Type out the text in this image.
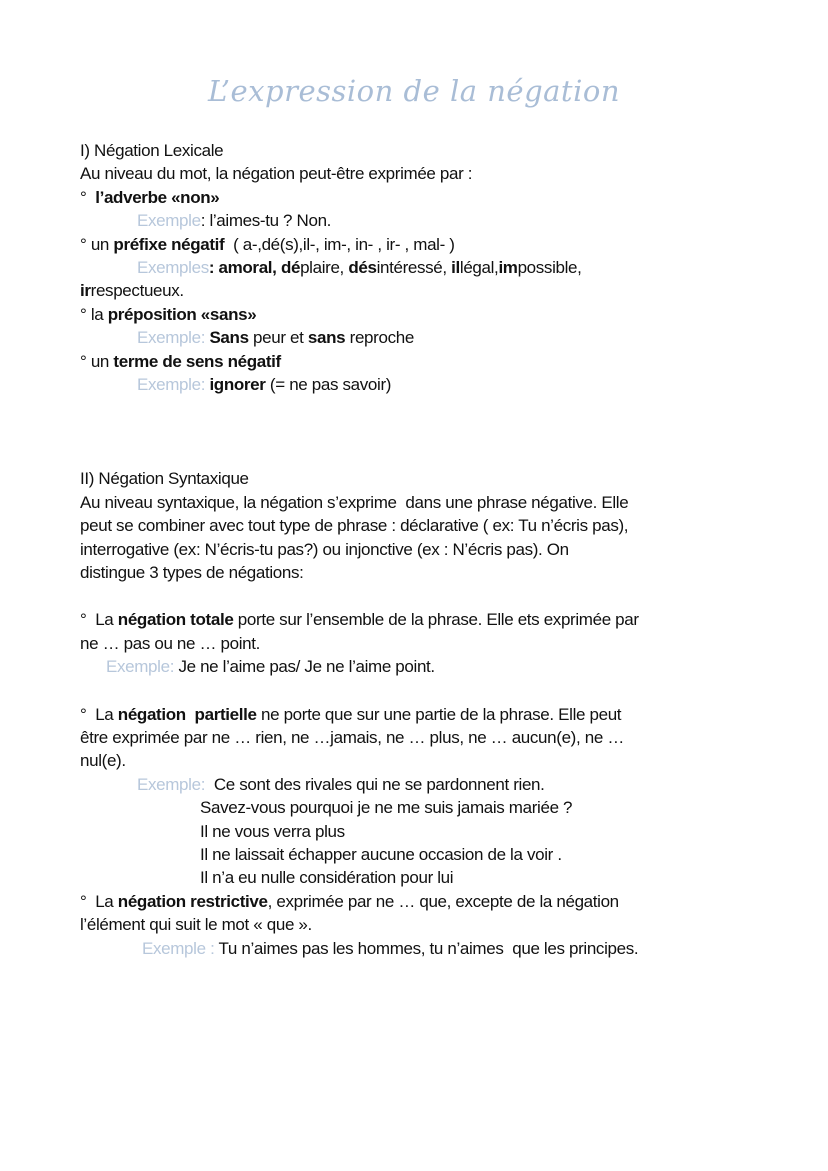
L’expression de la négation
I) Négation Lexicale
Au niveau du mot, la négation peut-être exprimée par :
°  l’adverbe «non»
Exemple: l’aimes-tu ? Non.
° un préfixe négatif  ( a-,dé(s),il-, im-, in- , ir- , mal- )
Exemples: amoral, déplaire, désintéressé, illégal,impossible,
irrespectueux.
° la préposition «sans»
Exemple: Sans peur et sans reproche
° un terme de sens négatif
Exemple: ignorer (= ne pas savoir)
II) Négation Syntaxique
Au niveau syntaxique, la négation s’exprime  dans une phrase négative. Elle
peut se combiner avec tout type de phrase : déclarative ( ex: Tu n’écris pas),
interrogative (ex: N’écris-tu pas?) ou injonctive (ex : N’écris pas). On
distingue 3 types de négations:
°  La négation totale porte sur l’ensemble de la phrase. Elle ets exprimée par
ne … pas ou ne … point.
Exemple: Je ne l’aime pas/ Je ne l’aime point.
°  La négation  partielle ne porte que sur une partie de la phrase. Elle peut
être exprimée par ne … rien, ne …jamais, ne … plus, ne … aucun(e), ne …
nul(e).
Exemple:  Ce sont des rivales qui ne se pardonnent rien.
Savez-vous pourquoi je ne me suis jamais mariée ?
Il ne vous verra plus
Il ne laissait échapper aucune occasion de la voir .
Il n’a eu nulle considération pour lui
°  La négation restrictive, exprimée par ne … que, excepte de la négation
l’élément qui suit le mot « que ».
Exemple : Tu n’aimes pas les hommes, tu n’aimes  que les principes.
